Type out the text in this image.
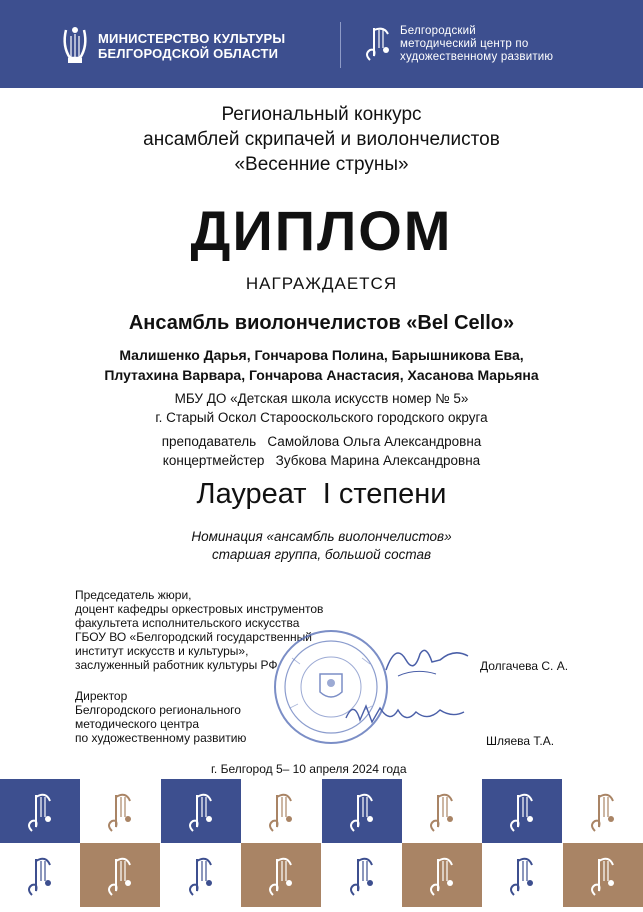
МИНИСТЕРСТВО КУЛЬТУРЫ
БЕЛГОРОДСКОЙ ОБЛАСТИ
Белгородский
методический центр по
художественному развитию
Региональный конкурс
ансамблей скрипачей и виолончелистов
«Весенние струны»
ДИПЛОМ
НАГРАЖДАЕТСЯ
Ансамбль виолончелистов «Bel Cello»
Малишенко Дарья, Гончарова Полина, Барышникова Ева,
Плутахина Варвара, Гончарова Анастасия, Хасанова Марьяна
МБУ ДО «Детская школа искусств номер № 5»
г. Старый Оскол Старооскольского городского округа
преподаватель   Самойлова Ольга Александровна
концертмейстер   Зубкова Марина Александровна
Лауреат  I степени
Номинация «ансамбль виолончелистов»
старшая группа, большой состав
Председатель жюри,
доцент кафедры оркестровых инструментов
факультета исполнительского искусства
ГБОУ ВО «Белгородский государственный
институт искусств и культуры»,
заслуженный работник культуры РФ	Долгачева С. А.
Директор
Белгородского регионального
методического центра
по художественному развитию	Шляева Т.А.
г. Белгород 5– 10 апреля 2024 года
